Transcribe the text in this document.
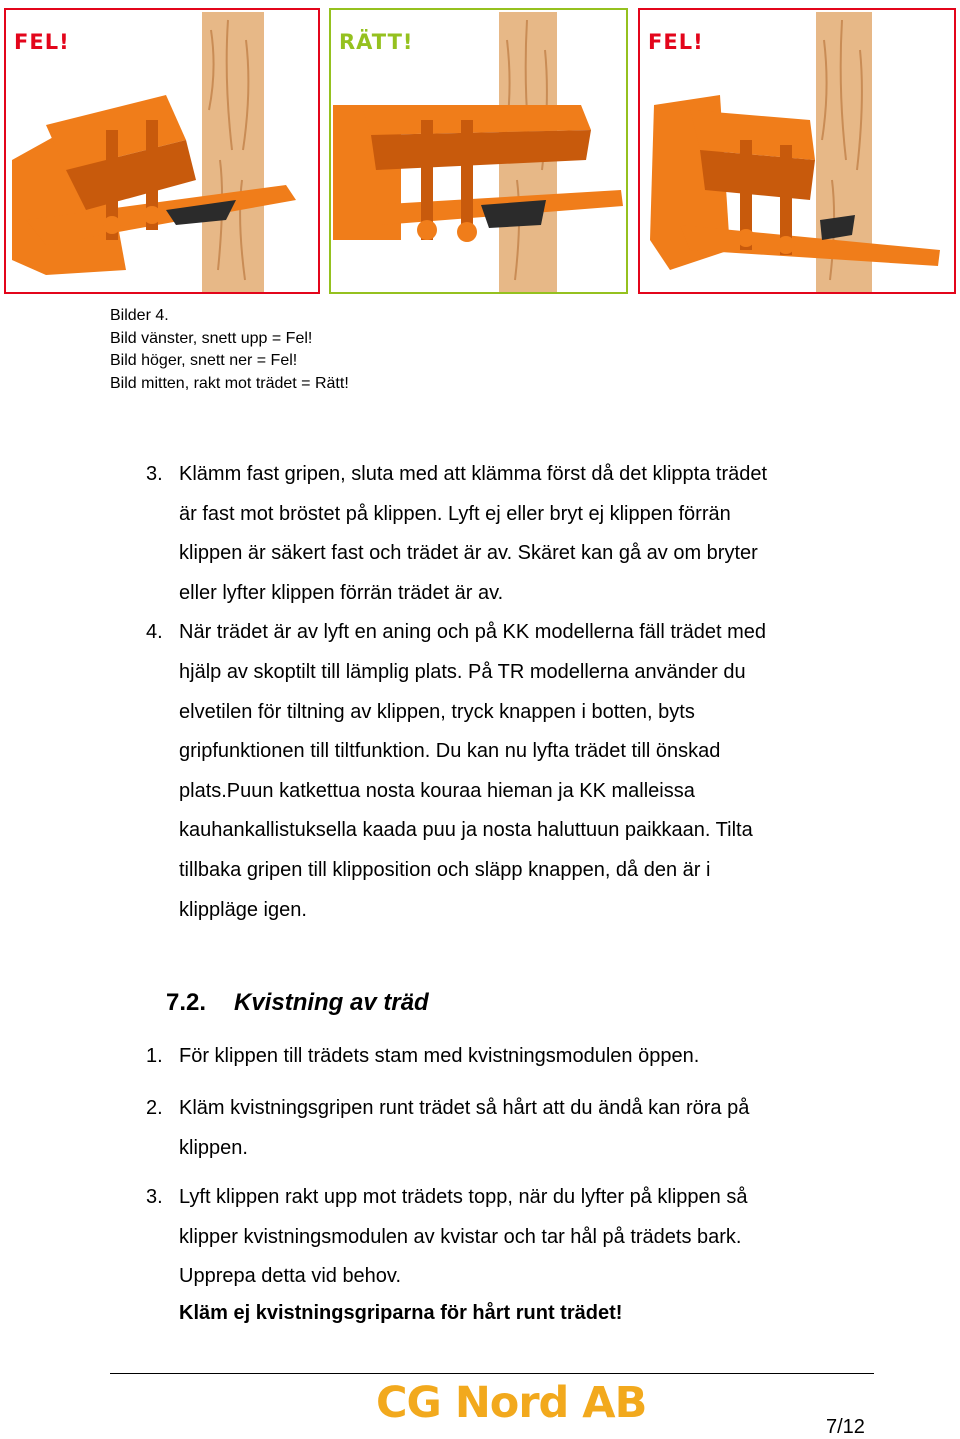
FEL!	RÄTT!	FEL!
Bilder 4.
Bild vänster, snett upp = Fel!
Bild höger, snett ner = Fel!
Bild mitten, rakt mot trädet = Rätt!
3. Klämm fast gripen, sluta med att klämma först då det klippta trädet
är fast mot bröstet på klippen. Lyft ej eller bryt ej klippen förrän
klippen är säkert fast och trädet är av. Skäret kan gå av om bryter
eller lyfter klippen förrän trädet är av.
4. När trädet är av lyft en aning och på KK modellerna fäll trädet med
hjälp av skoptilt till lämplig plats. På TR modellerna använder du
elvetilen för tiltning av klippen, tryck knappen i botten, byts
gripfunktionen till tiltfunktion. Du kan nu lyfta trädet till önskad
plats.Puun katkettua nosta kouraa hieman ja KK malleissa
kauhankallistuksella kaada puu ja nosta haluttuun paikkaan. Tilta
tillbaka gripen till klipposition och släpp knappen, då den är i
klippläge igen.
7.2. Kvistning av träd
1. För klippen till trädets stam med kvistningsmodulen öppen.
2. Kläm kvistningsgripen runt trädet så hårt att du ändå kan röra på
klippen.
3. Lyft klippen rakt upp mot trädets topp, när du lyfter på klippen så
klipper kvistningsmodulen av kvistar och tar hål på trädets bark.
Upprepa detta vid behov.
Kläm ej kvistningsgriparna för hårt runt trädet!
CG Nord AB	7/12
